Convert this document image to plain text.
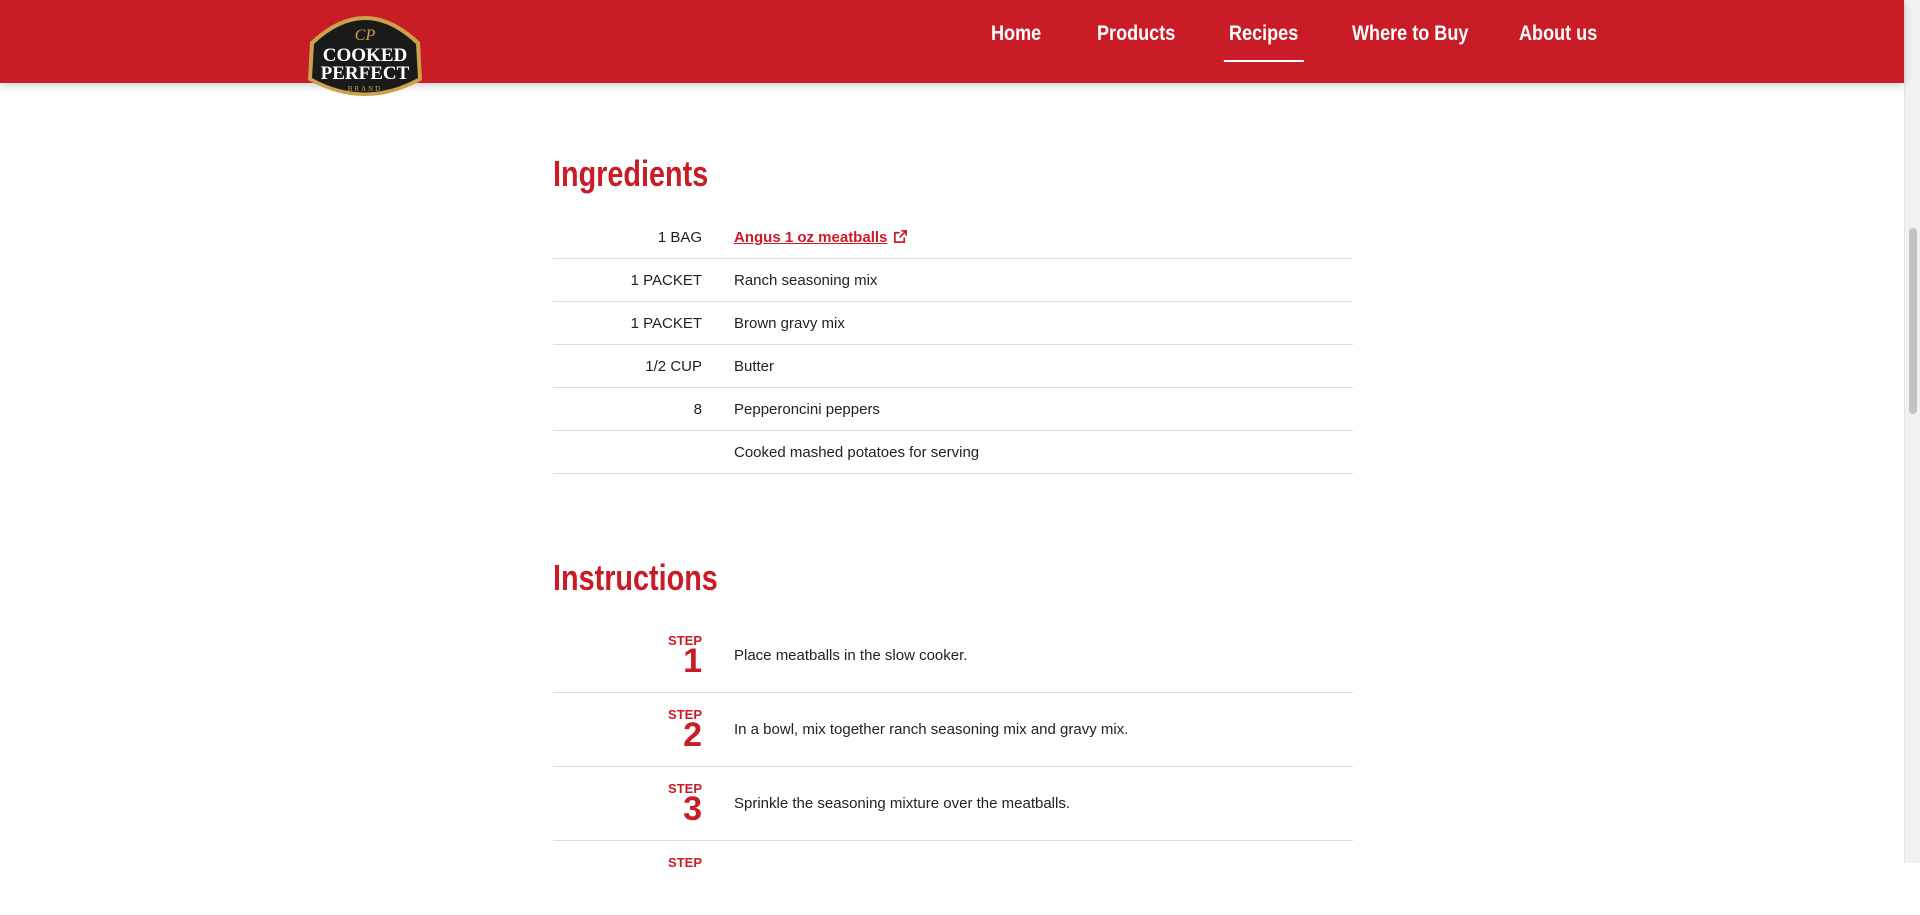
Home	Products	Recipes	Where to Buy About us
CP
COOKED
PERFECT
BRAND
Ingredients
1 BAG Angus 1 oz meatballs
1 PACKET Ranch seasoning mix
1 PACKET Brown gravy mix
1/2 CUP Butter
8 Pepperoncini peppers
Cooked mashed potatoes for serving
Instructions
STEP
1 Place meatballs in the slow cooker.
STEP
2 In a bowl, mix together ranch seasoning mix and gravy mix.
STEP
3 Sprinkle the seasoning mixture over the meatballs.
STEP
